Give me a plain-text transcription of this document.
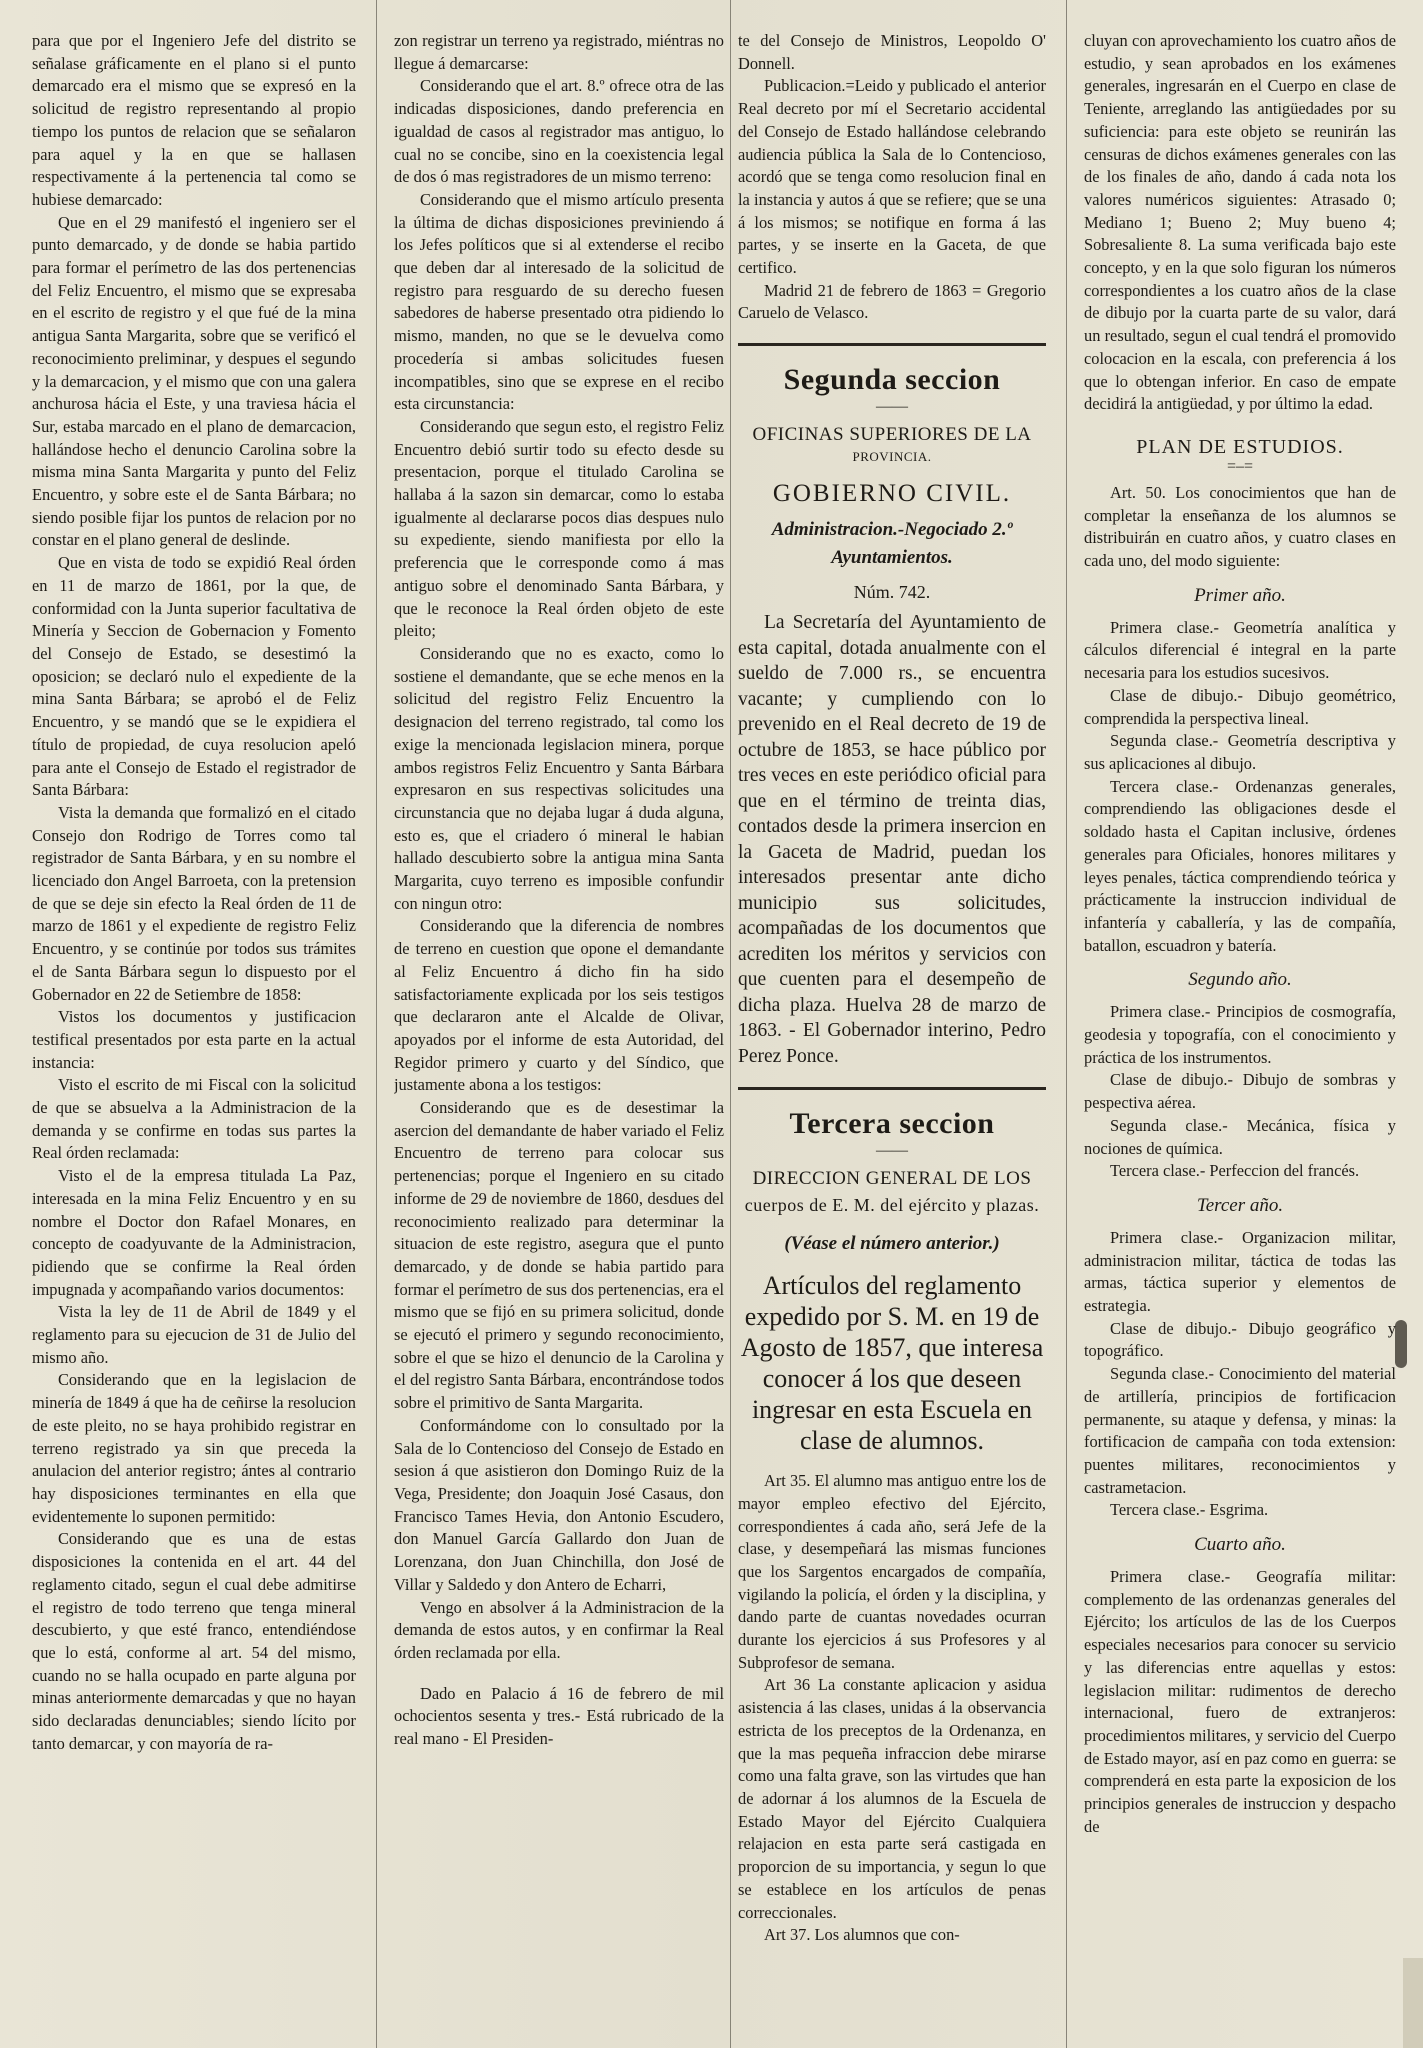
para que por el Ingeniero Jefe del distrito se señalase gráficamente en el plano si el punto demarcado era el mismo que se expresó en la solicitud de registro representando al propio tiempo los puntos de relacion que se señalaron para aquel y la en que se hallasen respectivamente á la pertenencia tal como se hubiese demarcado:

Que en el 29 manifestó el ingeniero ser el punto demarcado, y de donde se habia partido para formar el perímetro de las dos pertenencias del Feliz Encuentro, el mismo que se expresaba en el escrito de registro y el que fué de la mina antigua Santa Margarita, sobre que se verificó el reconocimiento preliminar, y despues el segundo y la demarcacion, y el mismo que con una galera anchurosa hácia el Este, y una traviesa hácia el Sur, estaba marcado en el plano de demarcacion, hallándose hecho el denuncio Carolina sobre la misma mina Santa Margarita y punto del Feliz Encuentro, y sobre este el de Santa Bárbara; no siendo posible fijar los puntos de relacion por no constar en el plano general de deslinde.

Que en vista de todo se expidió Real órden en 11 de marzo de 1861, por la que, de conformidad con la Junta superior facultativa de Minería y Seccion de Gobernacion y Fomento del Consejo de Estado, se desestimó la oposicion; se declaró nulo el expediente de la mina Santa Bárbara; se aprobó el de Feliz Encuentro, y se mandó que se le expidiera el título de propiedad, de cuya resolucion apeló para ante el Consejo de Estado el registrador de Santa Bárbara:

Vista la demanda que formalizó en el citado Consejo don Rodrigo de Torres como tal registrador de Santa Bárbara, y en su nombre el licenciado don Angel Barroeta, con la pretension de que se deje sin efecto la Real órden de 11 de marzo de 1861 y el expediente de registro Feliz Encuentro, y se continúe por todos sus trámites el de Santa Bárbara segun lo dispuesto por el Gobernador en 22 de Setiembre de 1858:

Vistos los documentos y justificacion testifical presentados por esta parte en la actual instancia:

Visto el escrito de mi Fiscal con la solicitud de que se absuelva a la Administracion de la demanda y se confirme en todas sus partes la Real órden reclamada:

Visto el de la empresa titulada La Paz, interesada en la mina Feliz Encuentro y en su nombre el Doctor don Rafael Monares, en concepto de coadyuvante de la Administracion, pidiendo que se confirme la Real órden impugnada y acompañando varios documentos:

Vista la ley de 11 de Abril de 1849 y el reglamento para su ejecucion de 31 de Julio del mismo año.

Considerando que en la legislacion de minería de 1849 á que ha de ceñirse la resolucion de este pleito, no se haya prohibido registrar en terreno registrado ya sin que preceda la anulacion del anterior registro; ántes al contrario hay disposiciones terminantes en ella que evidentemente lo suponen permitido:

Considerando que es una de estas disposiciones la contenida en el art. 44 del reglamento citado, segun el cual debe admitirse el registro de todo terreno que tenga mineral descubierto, y que esté franco, entendiéndose que lo está, conforme al art. 54 del mismo, cuando no se halla ocupado en parte alguna por minas anteriormente demarcadas y que no hayan sido declaradas denunciables; siendo lícito por tanto demarcar, y con mayoría de ra-

zon registrar un terreno ya registrado, miéntras no llegue á demarcarse:

Considerando que el art. 8.º ofrece otra de las indicadas disposiciones, dando preferencia en igualdad de casos al registrador mas antiguo, lo cual no se concibe, sino en la coexistencia legal de dos ó mas registradores de un mismo terreno:

Considerando que el mismo artículo presenta la última de dichas disposiciones previniendo á los Jefes políticos que si al extenderse el recibo que deben dar al interesado de la solicitud de registro para resguardo de su derecho fuesen sabedores de haberse presentado otra pidiendo lo mismo, manden, no que se le devuelva como procedería si ambas solicitudes fuesen incompatibles, sino que se exprese en el recibo esta circunstancia:

Considerando que segun esto, el registro Feliz Encuentro debió surtir todo su efecto desde su presentacion, porque el titulado Carolina se hallaba á la sazon sin demarcar, como lo estaba igualmente al declararse pocos dias despues nulo su expediente, siendo manifiesta por ello la preferencia que le corresponde como á mas antiguo sobre el denominado Santa Bárbara, y que le reconoce la Real órden objeto de este pleito;

Considerando que no es exacto, como lo sostiene el demandante, que se eche menos en la solicitud del registro Feliz Encuentro la designacion del terreno registrado, tal como los exige la mencionada legislacion minera, porque ambos registros Feliz Encuentro y Santa Bárbara expresaron en sus respectivas solicitudes una circunstancia que no dejaba lugar á duda alguna, esto es, que el criadero ó mineral le habian hallado descubierto sobre la antigua mina Santa Margarita, cuyo terreno es imposible confundir con ningun otro:

Considerando que la diferencia de nombres de terreno en cuestion que opone el demandante al Feliz Encuentro á dicho fin ha sido satisfactoriamente explicada por los seis testigos que declararon ante el Alcalde de Olivar, apoyados por el informe de esta Autoridad, del Regidor primero y cuarto y del Síndico, que justamente abona a los testigos:

Considerando que es de desestimar la asercion del demandante de haber variado el Feliz Encuentro de terreno para colocar sus pertenencias; porque el Ingeniero en su citado informe de 29 de noviembre de 1860, desdues del reconocimiento realizado para determinar la situacion de este registro, asegura que el punto demarcado, y de donde se habia partido para formar el perímetro de sus dos pertenencias, era el mismo que se fijó en su primera solicitud, donde se ejecutó el primero y segundo reconocimiento, sobre el que se hizo el denuncio de la Carolina y el del registro Santa Bárbara, encontrándose todos sobre el primitivo de Santa Margarita.

Conformándome con lo consultado por la Sala de lo Contencioso del Consejo de Estado en sesion á que asistieron don Domingo Ruiz de la Vega, Presidente; don Joaquin José Casaus, don Francisco Tames Hevia, don Antonio Escudero, don Manuel García Gallardo don Juan de Lorenzana, don Juan Chinchilla, don José de Villar y Saldedo y don Antero de Echarri,

Vengo en absolver á la Administracion de la demanda de estos autos, y en confirmar la Real órden reclamada por ella.

Dado en Palacio á 16 de febrero de mil ochocientos sesenta y tres.- Está rubricado de la real mano - El Presiden-

te del Consejo de Ministros, Leopoldo O' Donnell.

Publicacion.=Leido y publicado el anterior Real decreto por mí el Secretario accidental del Consejo de Estado hallándose celebrando audiencia pública la Sala de lo Contencioso, acordó que se tenga como resolucion final en la instancia y autos á que se refiere; que se una á los mismos; se notifique en forma á las partes, y se inserte en la Gaceta, de que certifico.

Madrid 21 de febrero de 1863 = Gregorio Caruelo de Velasco.

Segunda seccion
——
OFICINAS SUPERIORES DE LA
PROVINCIA.
GOBIERNO CIVIL.
Administracion.-Negociado 2.º
Ayuntamientos.
Núm. 742.

La Secretaría del Ayuntamiento de esta capital, dotada anualmente con el sueldo de 7.000 rs., se encuentra vacante; y cumpliendo con lo prevenido en el Real decreto de 19 de octubre de 1853, se hace público por tres veces en este periódico oficial para que en el término de treinta dias, contados desde la primera insercion en la Gaceta de Madrid, puedan los interesados presentar ante dicho municipio sus solicitudes, acompañadas de los documentos que acrediten los méritos y servicios con que cuenten para el desempeño de dicha plaza. Huelva 28 de marzo de 1863. - El Gobernador interino, Pedro Perez Ponce.

Tercera seccion
——
DIRECCION GENERAL DE LOS
cuerpos de E. M. del ejército y plazas.
(Véase el número anterior.)
Artículos del reglamento expedido por S. M. en 19 de Agosto de 1857, que interesa conocer á los que deseen ingresar en esta Escuela en clase de alumnos.

Art 35. El alumno mas antiguo entre los de mayor empleo efectivo del Ejército, correspondientes á cada año, será Jefe de la clase, y desempeñará las mismas funciones que los Sargentos encargados de compañía, vigilando la policía, el órden y la disciplina, y dando parte de cuantas novedades ocurran durante los ejercicios á sus Profesores y al Subprofesor de semana.

Art 36 La constante aplicacion y asidua asistencia á las clases, unidas á la observancia estricta de los preceptos de la Ordenanza, en que la mas pequeña infraccion debe mirarse como una falta grave, son las virtudes que han de adornar á los alumnos de la Escuela de Estado Mayor del Ejército Cualquiera relajacion en esta parte será castigada en proporcion de su importancia, y segun lo que se establece en los artículos de penas correccionales.

Art 37. Los alumnos que con-

cluyan con aprovechamiento los cuatro años de estudio, y sean aprobados en los exámenes generales, ingresarán en el Cuerpo en clase de Teniente, arreglando las antigüedades por su suficiencia: para este objeto se reunirán las censuras de dichos exámenes generales con las de los finales de año, dando á cada nota los valores numéricos siguientes: Atrasado 0; Mediano 1; Bueno 2; Muy bueno 4; Sobresaliente 8. La suma verificada bajo este concepto, y en la que solo figuran los números correspondientes a los cuatro años de la clase de dibujo por la cuarta parte de su valor, dará un resultado, segun el cual tendrá el promovido colocacion en la escala, con preferencia á los que lo obtengan inferior. En caso de empate decidirá la antigüedad, y por último la edad.

PLAN DE ESTUDIOS.
=‒=

Art. 50. Los conocimientos que han de completar la enseñanza de los alumnos se distribuirán en cuatro años, y cuatro clases en cada uno, del modo siguiente:

Primer año.

Primera clase.- Geometría analítica y cálculos diferencial é integral en la parte necesaria para los estudios sucesivos.

Clase de dibujo.- Dibujo geométrico, comprendida la perspectiva lineal.

Segunda clase.- Geometría descriptiva y sus aplicaciones al dibujo.

Tercera clase.- Ordenanzas generales, comprendiendo las obligaciones desde el soldado hasta el Capitan inclusive, órdenes generales para Oficiales, honores militares y leyes penales, táctica comprendiendo teórica y prácticamente la instruccion individual de infantería y caballería, y las de compañía, batallon, escuadron y batería.

Segundo año.

Primera clase.- Principios de cosmografía, geodesia y topografía, con el conocimiento y práctica de los instrumentos.

Clase de dibujo.- Dibujo de sombras y pespectiva aérea.

Segunda clase.- Mecánica, física y nociones de química.

Tercera clase.- Perfeccion del francés.

Tercer año.

Primera clase.- Organizacion militar, administracion militar, táctica de todas las armas, táctica superior y elementos de estrategia.

Clase de dibujo.- Dibujo geográfico y topográfico.

Segunda clase.- Conocimiento del material de artillería, principios de fortificacion permanente, su ataque y defensa, y minas: la fortificacion de campaña con toda extension: puentes militares, reconocimientos y castrametacion.

Tercera clase.- Esgrima.

Cuarto año.

Primera clase.- Geografía militar: complemento de las ordenanzas generales del Ejército; los artículos de las de los Cuerpos especiales necesarios para conocer su servicio y las diferencias entre aquellas y estos: legislacion militar: rudimentos de derecho internacional, fuero de extranjeros: procedimientos militares, y servicio del Cuerpo de Estado mayor, así en paz como en guerra: se comprenderá en esta parte la exposicion de los principios generales de instruccion y despacho de
